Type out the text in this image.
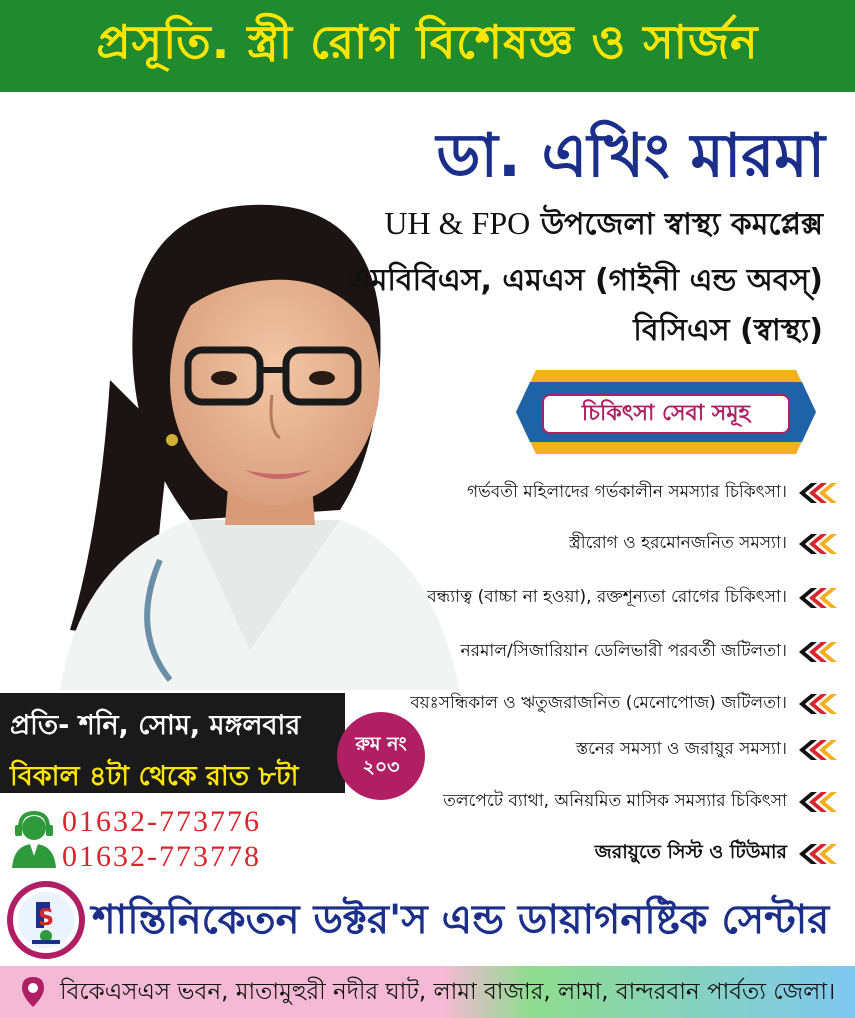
প্রসূতি. স্ত্রী রোগ বিশেষজ্ঞ ও সার্জন
ডা. এখিং মারমা
UH & FPO উপজেলা স্বাস্থ্য কমপ্লেক্স
এমবিবিএস, এমএস (গাইনী এন্ড অবস্)
বিসিএস (স্বাস্থ্য)
চিকিৎসা সেবা সমূহ
গর্ভবতী মহিলাদের গর্ভকালীন সমস্যার চিকিৎসা।
স্ত্রীরোগ ও হরমোনজনিত সমস্যা।
বন্ধ্যাত্ব (বাচ্চা না হওয়া), রক্তশূন্যতা রোগের চিকিৎসা।
নরমাল/সিজারিয়ান ডেলিভারী পরবর্তী জটিলতা।
বয়ঃসন্ধিকাল ও ঋতুজরাজনিত (মেনোপোজ) জটিলতা।
স্তনের সমস্যা ও জরায়ুর সমস্যা।
তলপেটে ব্যাথা, অনিয়মিত মাসিক সমস্যার চিকিৎসা
জরায়ুতে সিস্ট ও টিউমার
প্রতি- শনি, সোম, মঙ্গলবার
বিকাল ৪টা থেকে রাত ৮টা
রুম নং
২০৩
01632-773776
01632-773778
S শান্তিনিকেতন ডক্টর'স এন্ড ডায়াগনষ্টিক সেন্টার
বিকেএসএস ভবন, মাতামুহুরী নদীর ঘাট, লামা বাজার, লামা, বান্দরবান পার্বত্য জেলা।
